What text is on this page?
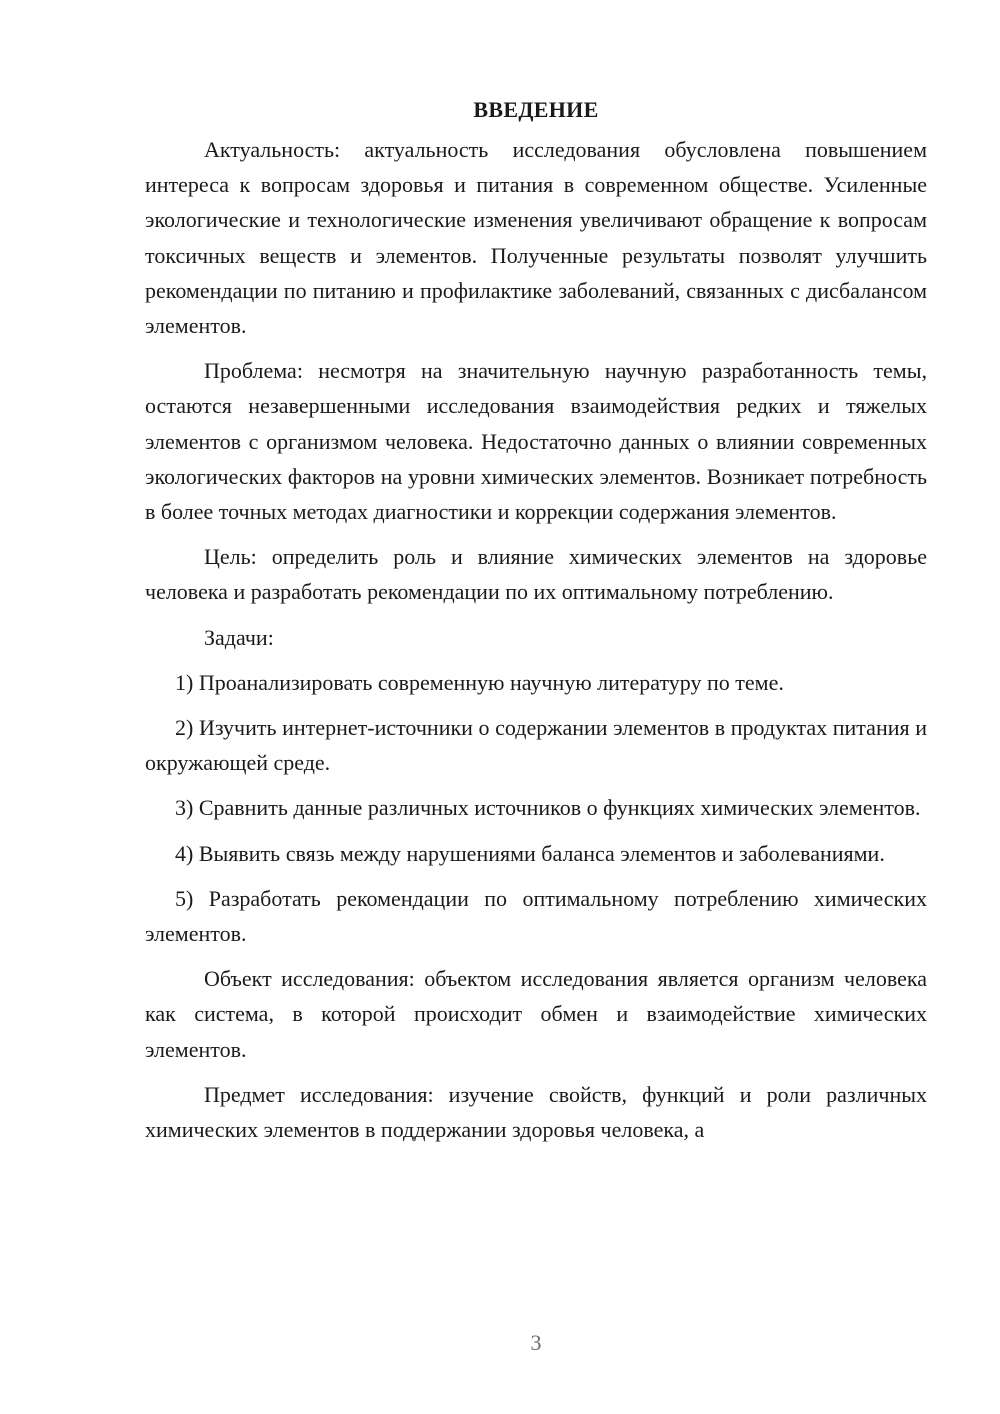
ВВЕДЕНИЕ

Актуальность: актуальность исследования обусловлена повышением интереса к вопросам здоровья и питания в современном обществе. Усиленные экологические и технологические изменения увеличивают обращение к вопросам токсичных веществ и элементов. Полученные результаты позволят улучшить рекомендации по питанию и профилактике заболеваний, связанных с дисбалансом элементов.

Проблема: несмотря на значительную научную разработанность темы, остаются незавершенными исследования взаимодействия редких и тяжелых элементов с организмом человека. Недостаточно данных о влиянии современных экологических факторов на уровни химических элементов. Возникает потребность в более точных методах диагностики и коррекции содержания элементов.

Цель: определить роль и влияние химических элементов на здоровье человека и разработать рекомендации по их оптимальному потреблению.

Задачи:

1) Проанализировать современную научную литературу по теме.

2) Изучить интернет-источники о содержании элементов в продуктах питания и окружающей среде.

3) Сравнить данные различных источников о функциях химических элементов.

4) Выявить связь между нарушениями баланса элементов и заболеваниями.

5) Разработать рекомендации по оптимальному потреблению химических элементов.

Объект исследования: объектом исследования является организм человека как система, в которой происходит обмен и взаимодействие химических элементов.

Предмет исследования: изучение свойств, функций и роли различных химических элементов в поддержании здоровья человека, а

3
